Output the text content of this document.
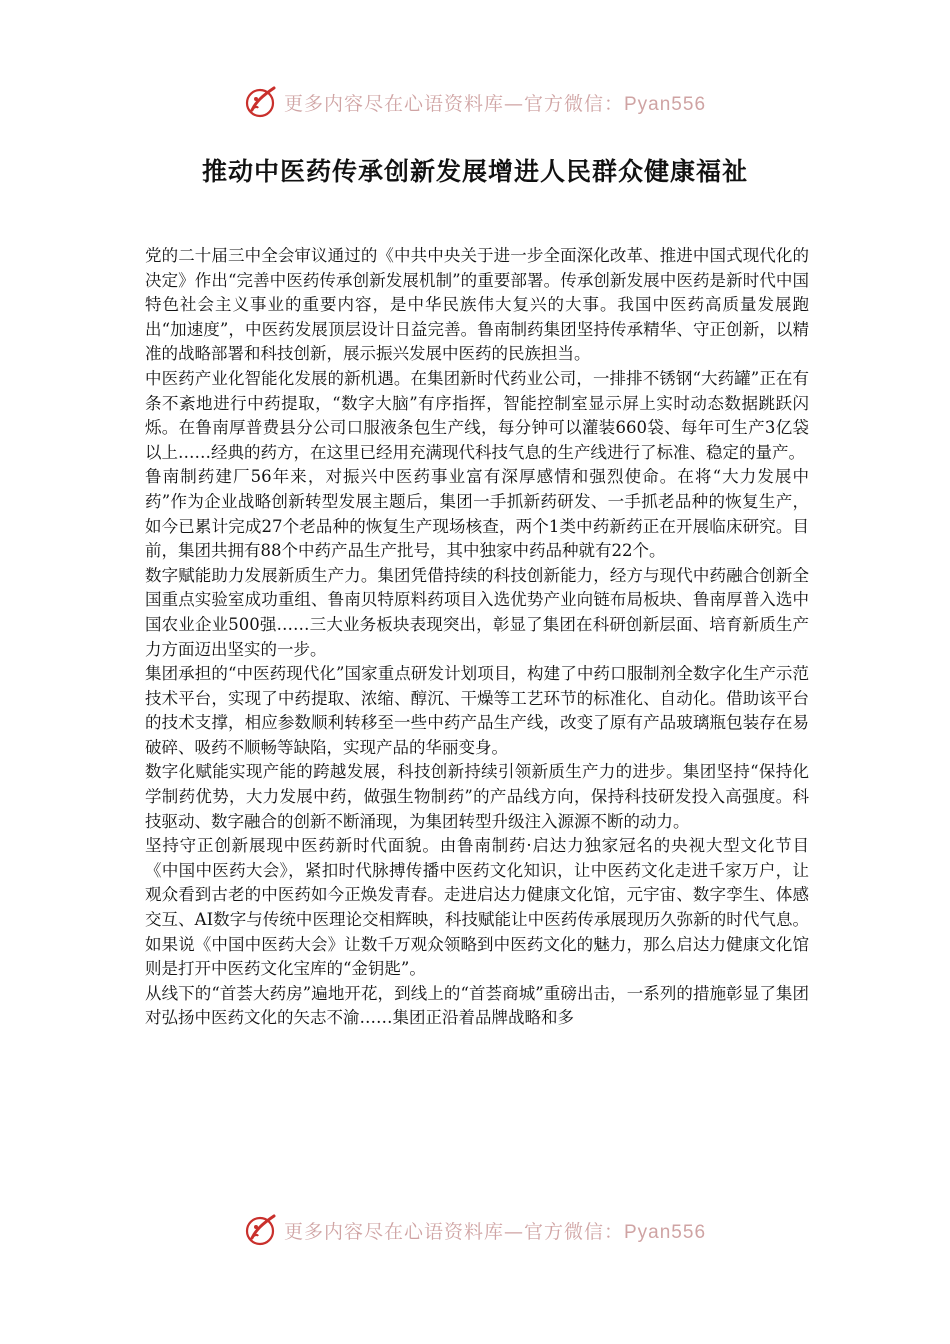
更多内容尽在心语资料库—官方微信：Pyan556
推动中医药传承创新发展增进人民群众健康福祉

党的二十届三中全会审议通过的《中共中央关于进一步全面深化改革、推进中国式现代化的决定》作出“完善中医药传承创新发展机制”的重要部署。传承创新发展中医药是新时代中国特色社会主义事业的重要内容，是中华民族伟大复兴的大事。我国中医药高质量发展跑出“加速度”，中医药发展顶层设计日益完善。鲁南制药集团坚持传承精华、守正创新，以精准的战略部署和科技创新，展示振兴发展中医药的民族担当。

中医药产业化智能化发展的新机遇。在集团新时代药业公司，一排排不锈钢“大药罐”正在有条不紊地进行中药提取，“数字大脑”有序指挥，智能控制室显示屏上实时动态数据跳跃闪烁。在鲁南厚普费县分公司口服液条包生产线，每分钟可以灌装660袋、每年可生产3亿袋以上……经典的药方，在这里已经用充满现代科技气息的生产线进行了标准、稳定的量产。

鲁南制药建厂56年来，对振兴中医药事业富有深厚感情和强烈使命。在将“大力发展中药”作为企业战略创新转型发展主题后，集团一手抓新药研发、一手抓老品种的恢复生产，如今已累计完成27个老品种的恢复生产现场核查，两个1类中药新药正在开展临床研究。目前，集团共拥有88个中药产品生产批号，其中独家中药品种就有22个。

数字赋能助力发展新质生产力。集团凭借持续的科技创新能力，经方与现代中药融合创新全国重点实验室成功重组、鲁南贝特原料药项目入选优势产业向链布局板块、鲁南厚普入选中国农业企业500强……三大业务板块表现突出，彰显了集团在科研创新层面、培育新质生产力方面迈出坚实的一步。

集团承担的“中医药现代化”国家重点研发计划项目，构建了中药口服制剂全数字化生产示范技术平台，实现了中药提取、浓缩、醇沉、干燥等工艺环节的标准化、自动化。借助该平台的技术支撑，相应参数顺利转移至一些中药产品生产线，改变了原有产品玻璃瓶包装存在易破碎、吸药不顺畅等缺陷，实现产品的华丽变身。

数字化赋能实现产能的跨越发展，科技创新持续引领新质生产力的进步。集团坚持“保持化学制药优势，大力发展中药，做强生物制药”的产品线方向，保持科技研发投入高强度。科技驱动、数字融合的创新不断涌现，为集团转型升级注入源源不断的动力。

坚持守正创新展现中医药新时代面貌。由鲁南制药·启达力独家冠名的央视大型文化节目《中国中医药大会》，紧扣时代脉搏传播中医药文化知识，让中医药文化走进千家万户，让观众看到古老的中医药如今正焕发青春。走进启达力健康文化馆，元宇宙、数字孪生、体感交互、AI数字与传统中医理论交相辉映，科技赋能让中医药传承展现历久弥新的时代气息。如果说《中国中医药大会》让数千万观众领略到中医药文化的魅力，那么启达力健康文化馆则是打开中医药文化宝库的“金钥匙”。

从线下的“首荟大药房”遍地开花，到线上的“首荟商城”重磅出击，一系列的措施彰显了集团对弘扬中医药文化的矢志不渝……集团正沿着品牌战略和多

更多内容尽在心语资料库—官方微信：Pyan556
